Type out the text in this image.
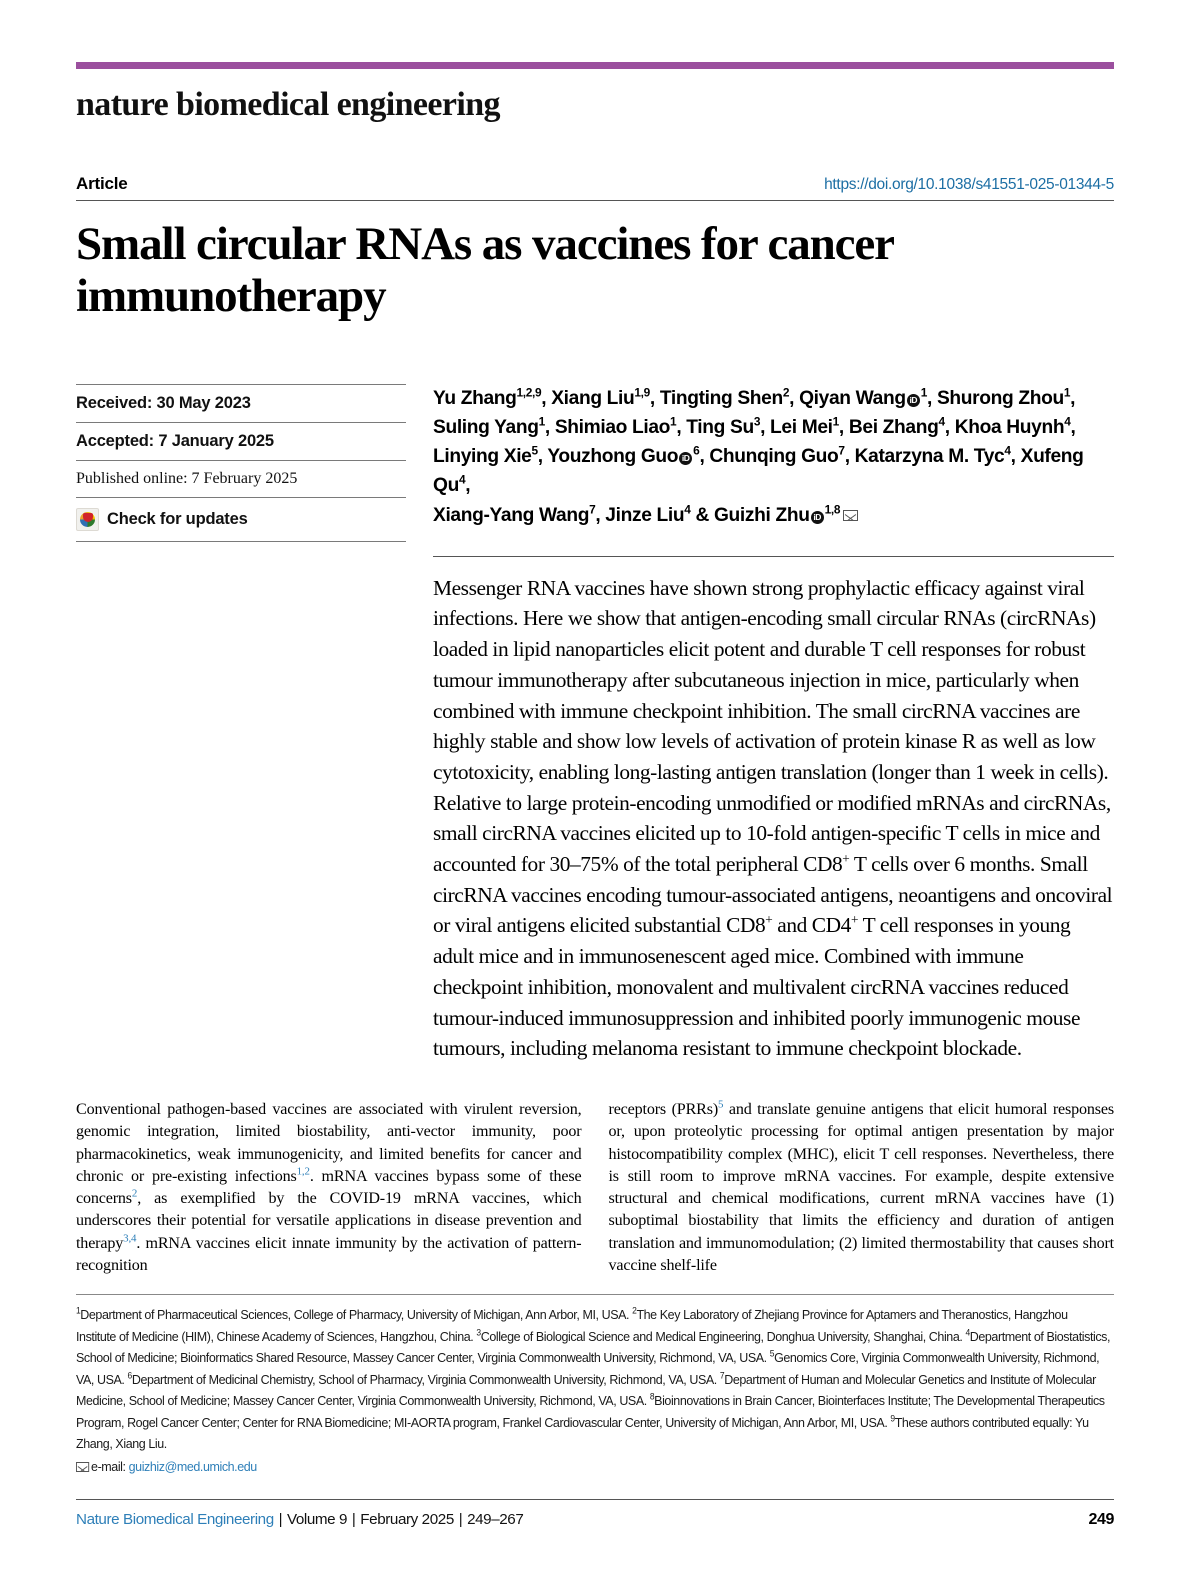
nature biomedical engineering
Article	https://doi.org/10.1038/s41551-025-01344-5
Small circular RNAs as vaccines for cancer immunotherapy
Received: 30 May 2023
Accepted: 7 January 2025
Published online: 7 February 2025
Check for updates
Yu Zhang$^{1,2,9}$, Xiang Liu$^{1,9}$, Tingting Shen$^2$, Qiyan Wang $iD^1$, Shurong Zhou$^1$,
Suling Yang$^1$, Shimiao Liao$^1$, Ting Su$^3$, Lei Mei$^1$, Bei Zhang$^4$, Khoa Huynh$^4$,
Linying Xie$^5$, Youzhong Guo $iD^6$, Chunqing Guo$^7$, Katarzyna M. Tyc$^4$, Xufeng Qu$^4$,
Xiang-Yang Wang$^7$, Jinze Liu$^4$ & Guizhi Zhu iD$^{1,8}$
Messenger RNA vaccines have shown strong prophylactic efficacy against viral infections. Here we show that antigen-encoding small circular RNAs (circRNAs) loaded in lipid nanoparticles elicit potent and durable T cell responses for robust tumour immunotherapy after subcutaneous injection in mice, particularly when combined with immune checkpoint inhibition. The small circRNA vaccines are highly stable and show low levels of activation of protein kinase R as well as low cytotoxicity, enabling long-lasting antigen translation (longer than 1 week in cells). Relative to large protein-encoding unmodified or modified mRNAs and circRNAs, small circRNA vaccines elicited up to 10-fold antigen-specific T cells in mice and accounted for 30–75% of the total peripheral CD8+ T cells over 6 months. Small circRNA vaccines encoding tumour-associated antigens, neoantigens and oncoviral or viral antigens elicited substantial CD8+ and CD4+ T cell responses in young adult mice and in immunosenescent aged mice. Combined with immune checkpoint inhibition, monovalent and multivalent circRNA vaccines reduced tumour-induced immunosuppression and inhibited poorly immunogenic mouse tumours, including melanoma resistant to immune checkpoint blockade.

Conventional pathogen-based vaccines are associated with virulent reversion, genomic integration, limited biostability, anti-vector immunity, poor pharmacokinetics, weak immunogenicity, and limited benefits for cancer and chronic or pre-existing infections$^{1,2}$. mRNA vaccines bypass some of these concerns$^2$, as exemplified by the COVID-19 mRNA vaccines, which underscores their potential for versatile applications in disease prevention and therapy$^{3,4}$. mRNA vaccines elicit innate immunity by the activation of pattern-recognition

receptors (PRRs)$^5$ and translate genuine antigens that elicit humoral responses or, upon proteolytic processing for optimal antigen presentation by major histocompatibility complex (MHC), elicit T cell responses. Nevertheless, there is still room to improve mRNA vaccines. For example, despite extensive structural and chemical modifications, current mRNA vaccines have (1) suboptimal biostability that limits the efficiency and duration of antigen translation and immunomodulation; (2) limited thermostability that causes short vaccine shelf-life

$^1$Department of Pharmaceutical Sciences, College of Pharmacy, University of Michigan, Ann Arbor, MI, USA. $^2$The Key Laboratory of Zhejiang Province for Aptamers and Theranostics, Hangzhou Institute of Medicine (HIM), Chinese Academy of Sciences, Hangzhou, China. $^3$College of Biological Science and Medical Engineering, Donghua University, Shanghai, China. $^4$Department of Biostatistics, School of Medicine; Bioinformatics Shared Resource, Massey Cancer Center, Virginia Commonwealth University, Richmond, VA, USA. $^5$Genomics Core, Virginia Commonwealth University, Richmond, VA, USA. $^6$Department of Medicinal Chemistry, School of Pharmacy, Virginia Commonwealth University, Richmond, VA, USA. $^7$Department of Human and Molecular Genetics and Institute of Molecular Medicine, School of Medicine; Massey Cancer Center, Virginia Commonwealth University, Richmond, VA, USA. $^8$Bioinnovations in Brain Cancer, Biointerfaces Institute; The Developmental Therapeutics Program, Rogel Cancer Center; Center for RNA Biomedicine; MI-AORTA program, Frankel Cardiovascular Center, University of Michigan, Ann Arbor, MI, USA. $^9$These authors contributed equally: Yu Zhang, Xiang Liu.
e-mail: guizhiz@med.umich.edu
Nature Biomedical Engineering | Volume 9 | February 2025 | 249–267	249
